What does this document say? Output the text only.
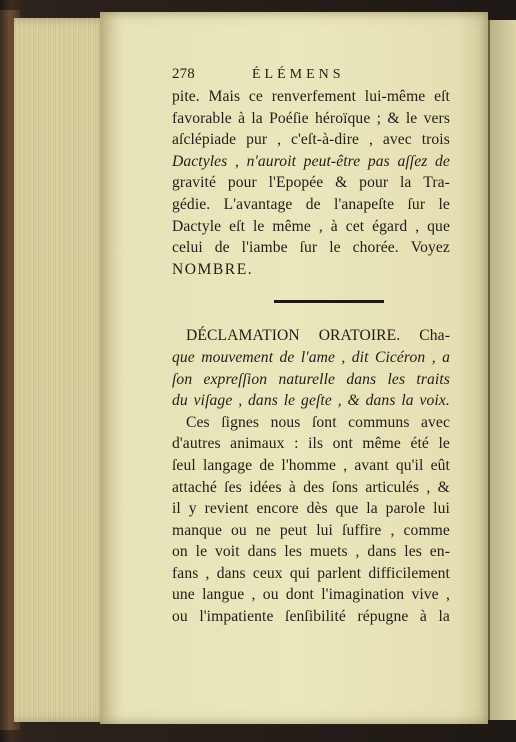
278	ÉLÉMENS
pite. Mais ce renverfement lui-même eſt
favorable à la Poéſie héroïque ; & le vers
aſclépiade pur , c'eſt-à-dire , avec trois
Dactyles , n'auroit peut-être pas aſſez de
gravité pour l'Epopée & pour la Tra-
gédie. L'avantage de l'anapeſte ſur le
Dactyle eſt le même , à cet égard , que
celui de l'iambe ſur le chorée. Voyez
NOMBRE.
DÉCLAMATION ORATOIRE. Cha-
que mouvement de l'ame , dit Cicéron , a
ſon expreſſion naturelle dans les traits
du viſage , dans le geſte , & dans la voix.
Ces ſignes nous ſont communs avec
d'autres animaux : ils ont même été le
ſeul langage de l'homme , avant qu'il eût
attaché ſes idées à des ſons articulés , &
il y revient encore dès que la parole lui
manque ou ne peut lui ſuffire , comme
on le voit dans les muets , dans les en-
fans , dans ceux qui parlent difficilement
une langue , ou dont l'imagination vive ,
ou l'impatiente ſenſibilité répugne à la
